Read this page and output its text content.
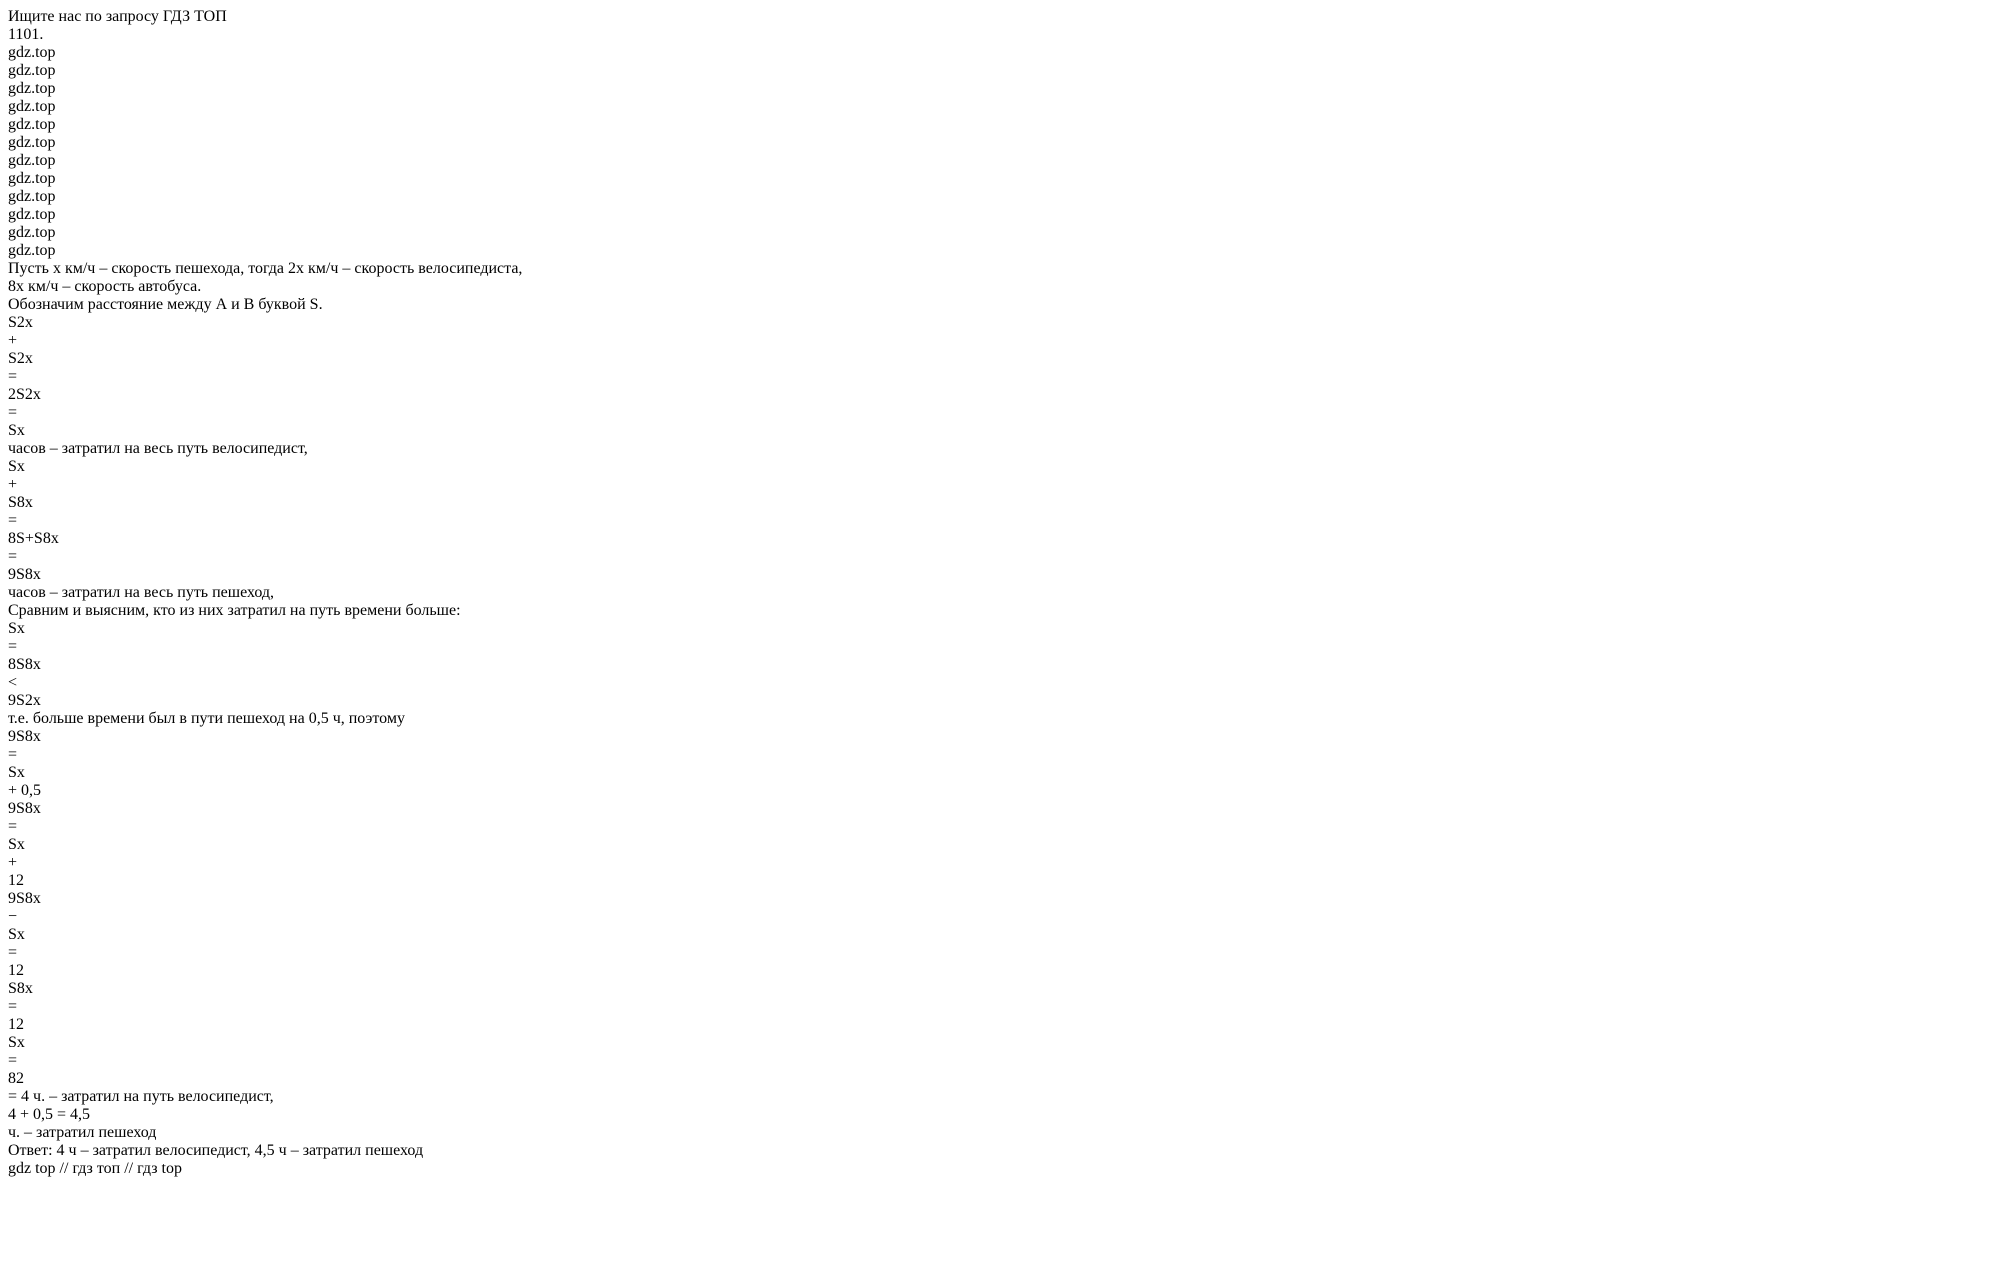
Ищите нас по запросу ГДЗ ТОП
1101.
gdz.top
gdz.top
gdz.top
gdz.top
gdz.top
gdz.top
gdz.top
gdz.top
gdz.top
gdz.top
gdz.top
gdz.top
Пусть x км/ч – скорость пешехода, тогда 2x км/ч – скорость велосипедиста,
8x км/ч – скорость автобуса.
Обозначим расстояние между А и В буквой S.
S2x
+
S2x
=
2S2x
=
Sx
часов – затратил на весь путь велосипедист,
Sx
+
S8x
=
8S+S8x
=
9S8x
часов – затратил на весь путь пешеход,
Сравним и выясним, кто из них затратил на путь времени больше:
Sx
=
8S8x
<
9S2x
т.е. больше времени был в пути пешеход на 0,5 ч, поэтому
9S8x
=
Sx
+ 0,5
9S8x
=
Sx
+
12
9S8x
−
Sx
=
12
S8x
=
12
Sx
=
82
= 4 ч. – затратил на путь велосипедист,
4 + 0,5 = 4,5
ч. – затратил пешеход
Ответ: 4 ч – затратил велосипедист, 4,5 ч – затратил пешеход
gdz top // гдз топ // гдз top
